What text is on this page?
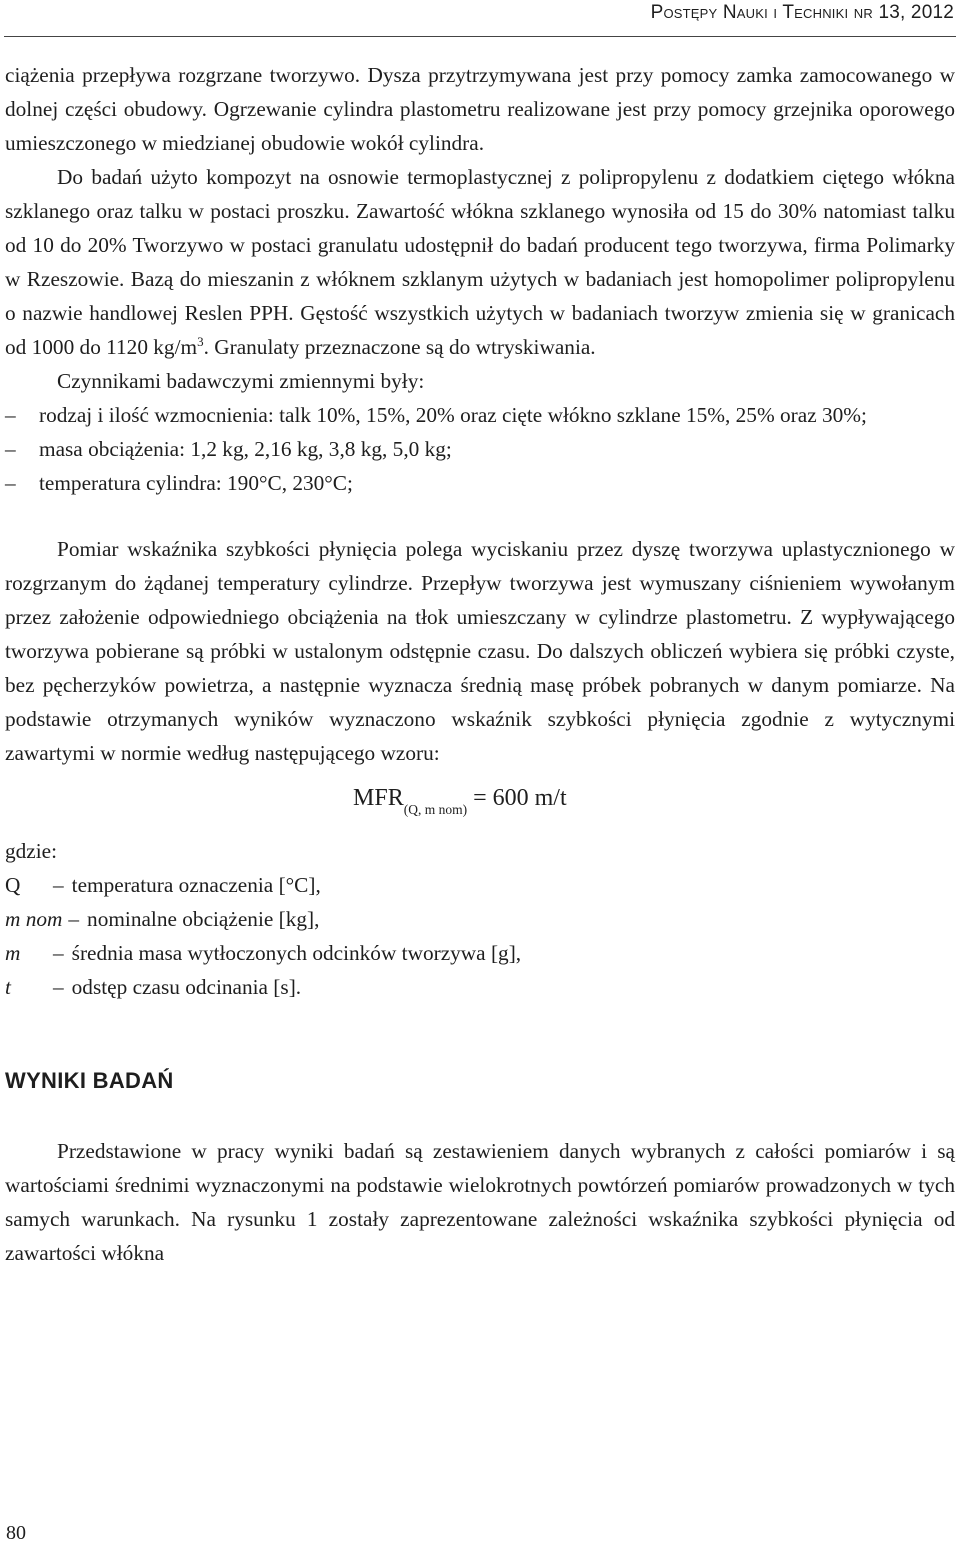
Postępy Nauki i Techniki nr 13, 2012

ciążenia przepływa rozgrzane tworzywo. Dysza przytrzymywana jest przy pomocy zamka zamocowanego w dolnej części obudowy. Ogrzewanie cylindra plastometru realizowane jest przy pomocy grzejnika oporowego umieszczonego w miedzianej obudowie wokół cylindra.

Do badań użyto kompozyt na osnowie termoplastycznej z polipropylenu z dodatkiem ciętego włókna szklanego oraz talku w postaci proszku. Zawartość włókna szklanego wynosiła od 15 do 30% natomiast talku od 10 do 20% Tworzywo w postaci granulatu udostępnił do badań producent tego tworzywa, firma Polimarky w Rzeszowie. Bazą do mieszanin z włóknem szklanym użytych w badaniach jest homopolimer polipropylenu o nazwie handlowej Reslen PPH. Gęstość wszystkich użytych w badaniach tworzyw zmienia się w granicach od 1000 do 1120 $kg/m^3$. Granulaty przeznaczone są do wtryskiwania.

Czynnikami badawczymi zmiennymi były:

– rodzaj i ilość wzmocnienia: talk 10%, 15%, 20% oraz cięte włókno szklane 15%, 25% oraz 30%;
– masa obciążenia: 1,2 kg, 2,16 kg, 3,8 kg, 5,0 kg;
– temperatura cylindra: 190°C, 230°C;

Pomiar wskaźnika szybkości płynięcia polega wyciskaniu przez dyszę tworzywa uplastycznionego w rozgrzanym do żądanej temperatury cylindrze. Przepływ tworzywa jest wymuszany ciśnieniem wywołanym przez założenie odpowiedniego obciążenia na tłok umieszczany w cylindrze plastometru. Z wypływającego tworzywa pobierane są próbki w ustalonym odstępnie czasu. Do dalszych obliczeń wybiera się próbki czyste, bez pęcherzyków powietrza, a następnie wyznacza średnią masę próbek pobranych w danym pomiarze. Na podstawie otrzymanych wyników wyznaczono wskaźnik szybkości płynięcia zgodnie z wytycznymi zawartymi w normie według następującego wzoru:

$MFR_{(Q, m nom)} = 600$ m/t

gdzie:

Q	– temperatura oznaczenia [°C],
m nom – nominalne obciążenie [kg],
m	– średnia masa wytłoczonych odcinków tworzywa [g],
t	– odstęp czasu odcinania [s].
WYNIKI BADAŃ

Przedstawione w pracy wyniki badań są zestawieniem danych wybranych z całości pomiarów i są wartościami średnimi wyznaczonymi na podstawie wielokrotnych powtórzeń pomiarów prowadzonych w tych samych warunkach. Na rysunku 1 zostały zaprezentowane zależności wskaźnika szybkości płynięcia od zawartości włókna

80
